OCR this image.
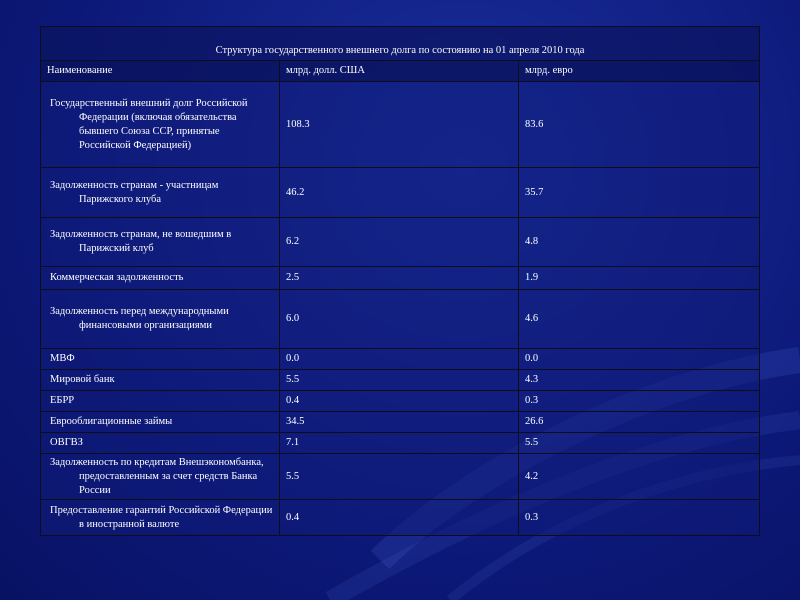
Структура государственного внешнего долга по состоянию на 01 апреля 2010 года		
Наименование	млрд. долл. США	млрд. евро

Государственный внешний долг Российской Федерации (включая обязательства бывшего Союза ССР, принятые Российской Федерацией)	108.3	83.6

Задолженность странам - участницам Парижского клуба	46.2	35.7

Задолженность странам, не вошедшим в Парижский клуб	6.2	4.8

Коммерческая задолженность	2.5	1.9

Задолженность перед международными финансовыми организациями	6.0	4.6

МВФ	0.0	0.0

Мировой банк	5.5	4.3

ЕБРР	0.4	0.3

Еврооблигационные займы	34.5	26.6

ОВГВЗ	7.1	5.5

Задолженность по кредитам Внешэкономбанка, предоставленным за счет средств Банка России	5.5	4.2

Предоставление гарантий Российской Федерации в иностранной валюте	0.4	0.3
